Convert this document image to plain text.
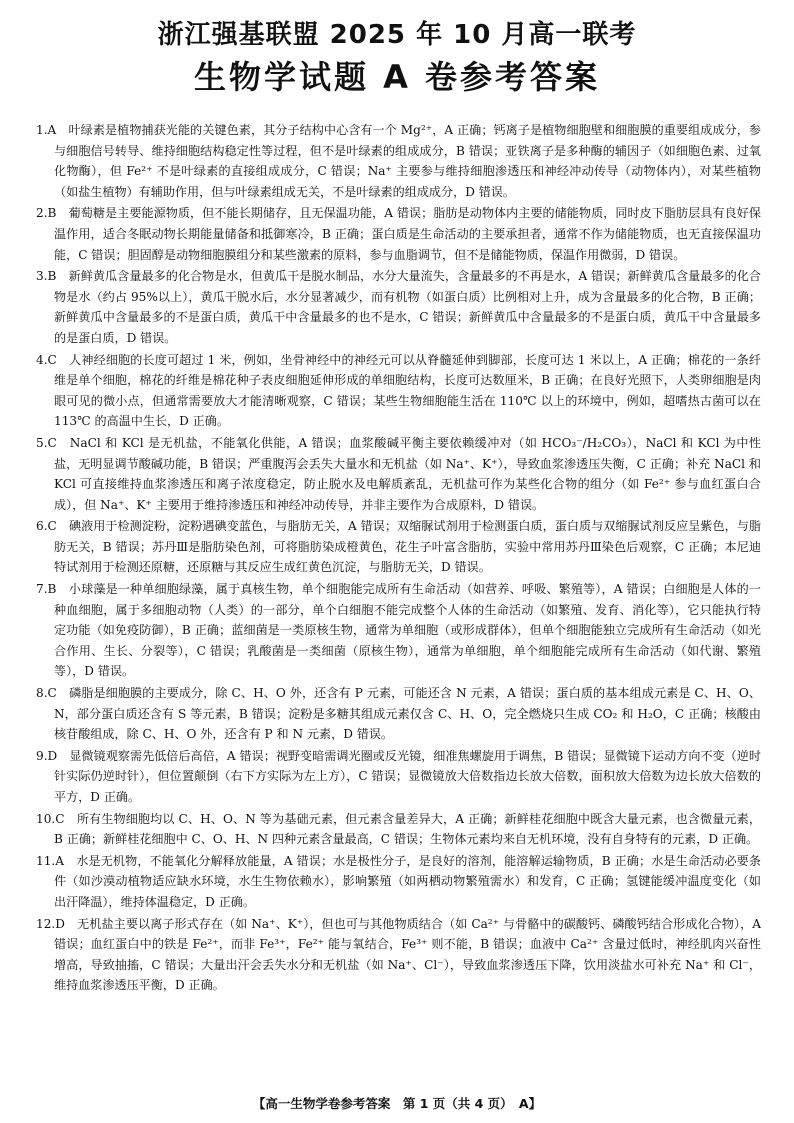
浙江强基联盟 2025 年 10 月高一联考
生物学试题 A 卷参考答案

1.A　 叶绿素是植物捕获光能的关键色素，其分子结构中心含有一个 Mg²⁺，A 正确；钙离子是植物细胞壁和细胞膜的重要组成成分，参与细胞信号转导、维持细胞结构稳定性等过程，但不是叶绿素的组成成分，B 错误；亚铁离子是多种酶的辅因子（如细胞色素、过氧化物酶），但 Fe²⁺ 不是叶绿素的直接组成成分，C 错误；Na⁺ 主要参与维持细胞渗透压和神经冲动传导（动物体内），对某些植物（如盐生植物）有辅助作用，但与叶绿素组成无关，不是叶绿素的组成成分，D 错误。

2.B　 葡萄糖是主要能源物质，但不能长期储存，且无保温功能，A 错误；脂肪是动物体内主要的储能物质，同时皮下脂肪层具有良好保温作用，适合冬眠动物长期能量储备和抵御寒冷，B 正确；蛋白质是生命活动的主要承担者，通常不作为储能物质，也无直接保温功能，C 错误；胆固醇是动物细胞膜组分和某些激素的原料，参与血脂调节，但不是储能物质，保温作用微弱，D 错误。

3.B　 新鲜黄瓜含量最多的化合物是水，但黄瓜干是脱水制品，水分大量流失，含量最多的不再是水，A 错误；新鲜黄瓜含量最多的化合物是水（约占 95%以上），黄瓜干脱水后，水分显著减少，而有机物（如蛋白质）比例相对上升，成为含量最多的化合物，B 正确；新鲜黄瓜中含量最多的不是蛋白质，黄瓜干中含量最多的也不是水，C 错误；新鲜黄瓜中含量最多的不是蛋白质，黄瓜干中含量最多的是蛋白质，D 错误。

4.C　 人神经细胞的长度可超过 1 米，例如，坐骨神经中的神经元可以从脊髓延伸到脚部，长度可达 1 米以上，A 正确；棉花的一条纤维是单个细胞，棉花的纤维是棉花种子表皮细胞延伸形成的单细胞结构，长度可达数厘米，B 正确；在良好光照下，人类卵细胞是肉眼可见的微小点，但通常需要放大才能清晰观察，C 错误；某些生物细胞能生活在 110℃ 以上的环境中，例如，超嗜热古菌可以在 113℃ 的高温中生长，D 正确。

5.C　 NaCl 和 KCl 是无机盐，不能氧化供能，A 错误；血浆酸碱平衡主要依赖缓冲对（如 HCO₃⁻/H₂CO₃），NaCl 和 KCl 为中性盐，无明显调节酸碱功能，B 错误；严重腹泻会丢失大量水和无机盐（如 Na⁺、K⁺），导致血浆渗透压失衡，C 正确；补充 NaCl 和 KCl 可直接维持血浆渗透压和离子浓度稳定，防止脱水及电解质紊乱，无机盐可作为某些化合物的组分（如 Fe²⁺ 参与血红蛋白合成），但 Na⁺、K⁺ 主要用于维持渗透压和神经冲动传导，并非主要作为合成原料，D 错误。

6.C　 碘液用于检测淀粉，淀粉遇碘变蓝色，与脂肪无关，A 错误；双缩脲试剂用于检测蛋白质，蛋白质与双缩脲试剂反应呈紫色，与脂肪无关，B 错误；苏丹Ⅲ是脂肪染色剂，可将脂肪染成橙黄色，花生子叶富含脂肪，实验中常用苏丹Ⅲ染色后观察，C 正确；本尼迪特试剂用于检测还原糖，还原糖与其反应生成红黄色沉淀，与脂肪无关，D 错误。

7.B　 小球藻是一种单细胞绿藻，属于真核生物，单个细胞能完成所有生命活动（如营养、呼吸、繁殖等），A 错误；白细胞是人体的一种血细胞，属于多细胞动物（人类）的一部分，单个白细胞不能完成整个人体的生命活动（如繁殖、发育、消化等），它只能执行特定功能（如免疫防御），B 正确；蓝细菌是一类原核生物，通常为单细胞（或形成群体），但单个细胞能独立完成所有生命活动（如光合作用、生长、分裂等），C 错误；乳酸菌是一类细菌（原核生物），通常为单细胞，单个细胞能完成所有生命活动（如代谢、繁殖等），D 错误。

8.C　 磷脂是细胞膜的主要成分，除 C、H、O 外，还含有 P 元素，可能还含 N 元素，A 错误；蛋白质的基本组成元素是 C、H、O、N，部分蛋白质还含有 S 等元素，B 错误；淀粉是多糖其组成元素仅含 C、H、O，完全燃烧只生成 CO₂ 和 H₂O，C 正确；核酸由核苷酸组成，除 C、H、O 外，还含有 P 和 N 元素，D 错误。

9.D　 显微镜观察需先低倍后高倍，A 错误；视野变暗需调光圈或反光镜，细准焦螺旋用于调焦，B 错误；显微镜下运动方向不变（逆时针实际仍逆时针），但位置颠倒（右下方实际为左上方），C 错误；显微镜放大倍数指边长放大倍数，面积放大倍数为边长放大倍数的平方，D 正确。

10.C　 所有生物细胞均以 C、H、O、N 等为基础元素，但元素含量差异大，A 正确；新鲜桂花细胞中既含大量元素，也含微量元素，B 正确；新鲜桂花细胞中 C、O、H、N 四种元素含量最高，C 错误；生物体元素均来自无机环境，没有自身特有的元素，D 正确。

11.A　 水是无机物，不能氧化分解释放能量，A 错误；水是极性分子，是良好的溶剂，能溶解运输物质，B 正确；水是生命活动必要条件（如沙漠动植物适应缺水环境，水生生物依赖水），影响繁殖（如两栖动物繁殖需水）和发育，C 正确；氢键能缓冲温度变化（如出汗降温），维持体温稳定，D 正确。

12.D　 无机盐主要以离子形式存在（如 Na⁺、K⁺），但也可与其他物质结合（如 Ca²⁺ 与骨骼中的碳酸钙、磷酸钙结合形成化合物），A 错误；血红蛋白中的铁是 Fe²⁺，而非 Fe³⁺，Fe²⁺ 能与氧结合，Fe³⁺ 则不能，B 错误；血液中 Ca²⁺ 含量过低时，神经肌肉兴奋性增高，导致抽搐，C 错误；大量出汗会丢失水分和无机盐（如 Na⁺、Cl⁻），导致血浆渗透压下降，饮用淡盐水可补充 Na⁺ 和 Cl⁻，维持血浆渗透压平衡，D 正确。

【高一生物学卷参考答案　第 1 页（共 4 页）　A】
